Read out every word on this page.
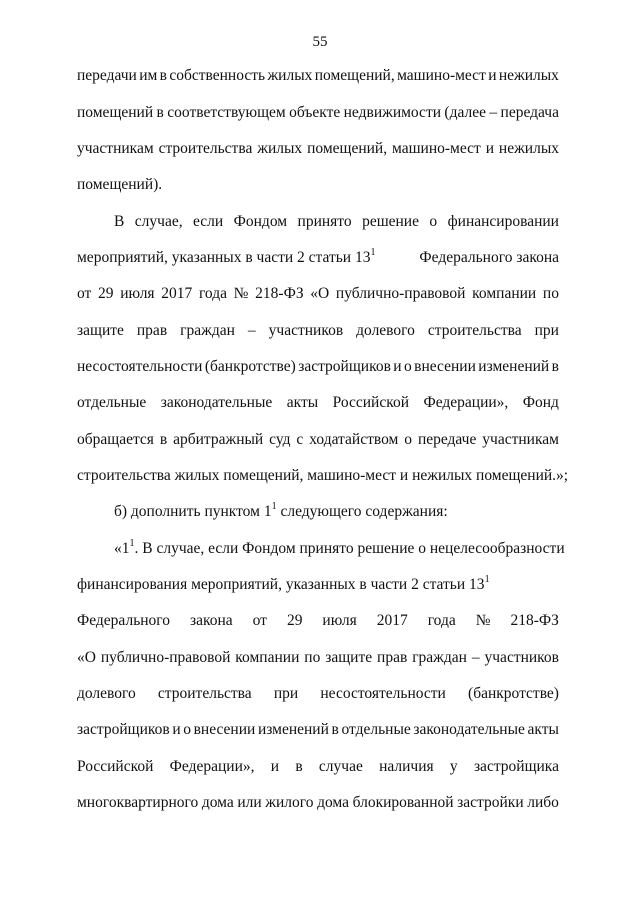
55
передачи им в собственность жилых помещений, машино-мест и нежилых
помещений в соответствующем объекте недвижимости (далее – передача
участникам строительства жилых помещений, машино-мест и нежилых
помещений).
В случае, если Фондом принято решение о финансировании
мероприятий, указанных в части 2 статьи $13^1$	Федерального закона
от 29 июля 2017 года № 218-ФЗ «О публично-правовой компании по
защите прав граждан – участников долевого строительства при
несостоятельности (банкротстве) застройщиков и о внесении изменений в
отдельные законодательные акты Российской Федерации», Фонд
обращается в арбитражный суд с ходатайством о передаче участникам
строительства жилых помещений, машино-мест и нежилых помещений.»;
б) дополнить пунктом $1^1$ следующего содержания:
«$1^1$. В случае, если Фондом принято решение о нецелесообразности
финансирования мероприятий, указанных в части 2 статьи $13^1$
Федерального закона от 29 июля 2017 года № 218-ФЗ
«О публично-правовой компании по защите прав граждан – участников
долевого строительства при несостоятельности (банкротстве)
застройщиков и о внесении изменений в отдельные законодательные акты
Российской Федерации», и в случае наличия у застройщика
многоквартирного дома или жилого дома блокированной застройки либо
